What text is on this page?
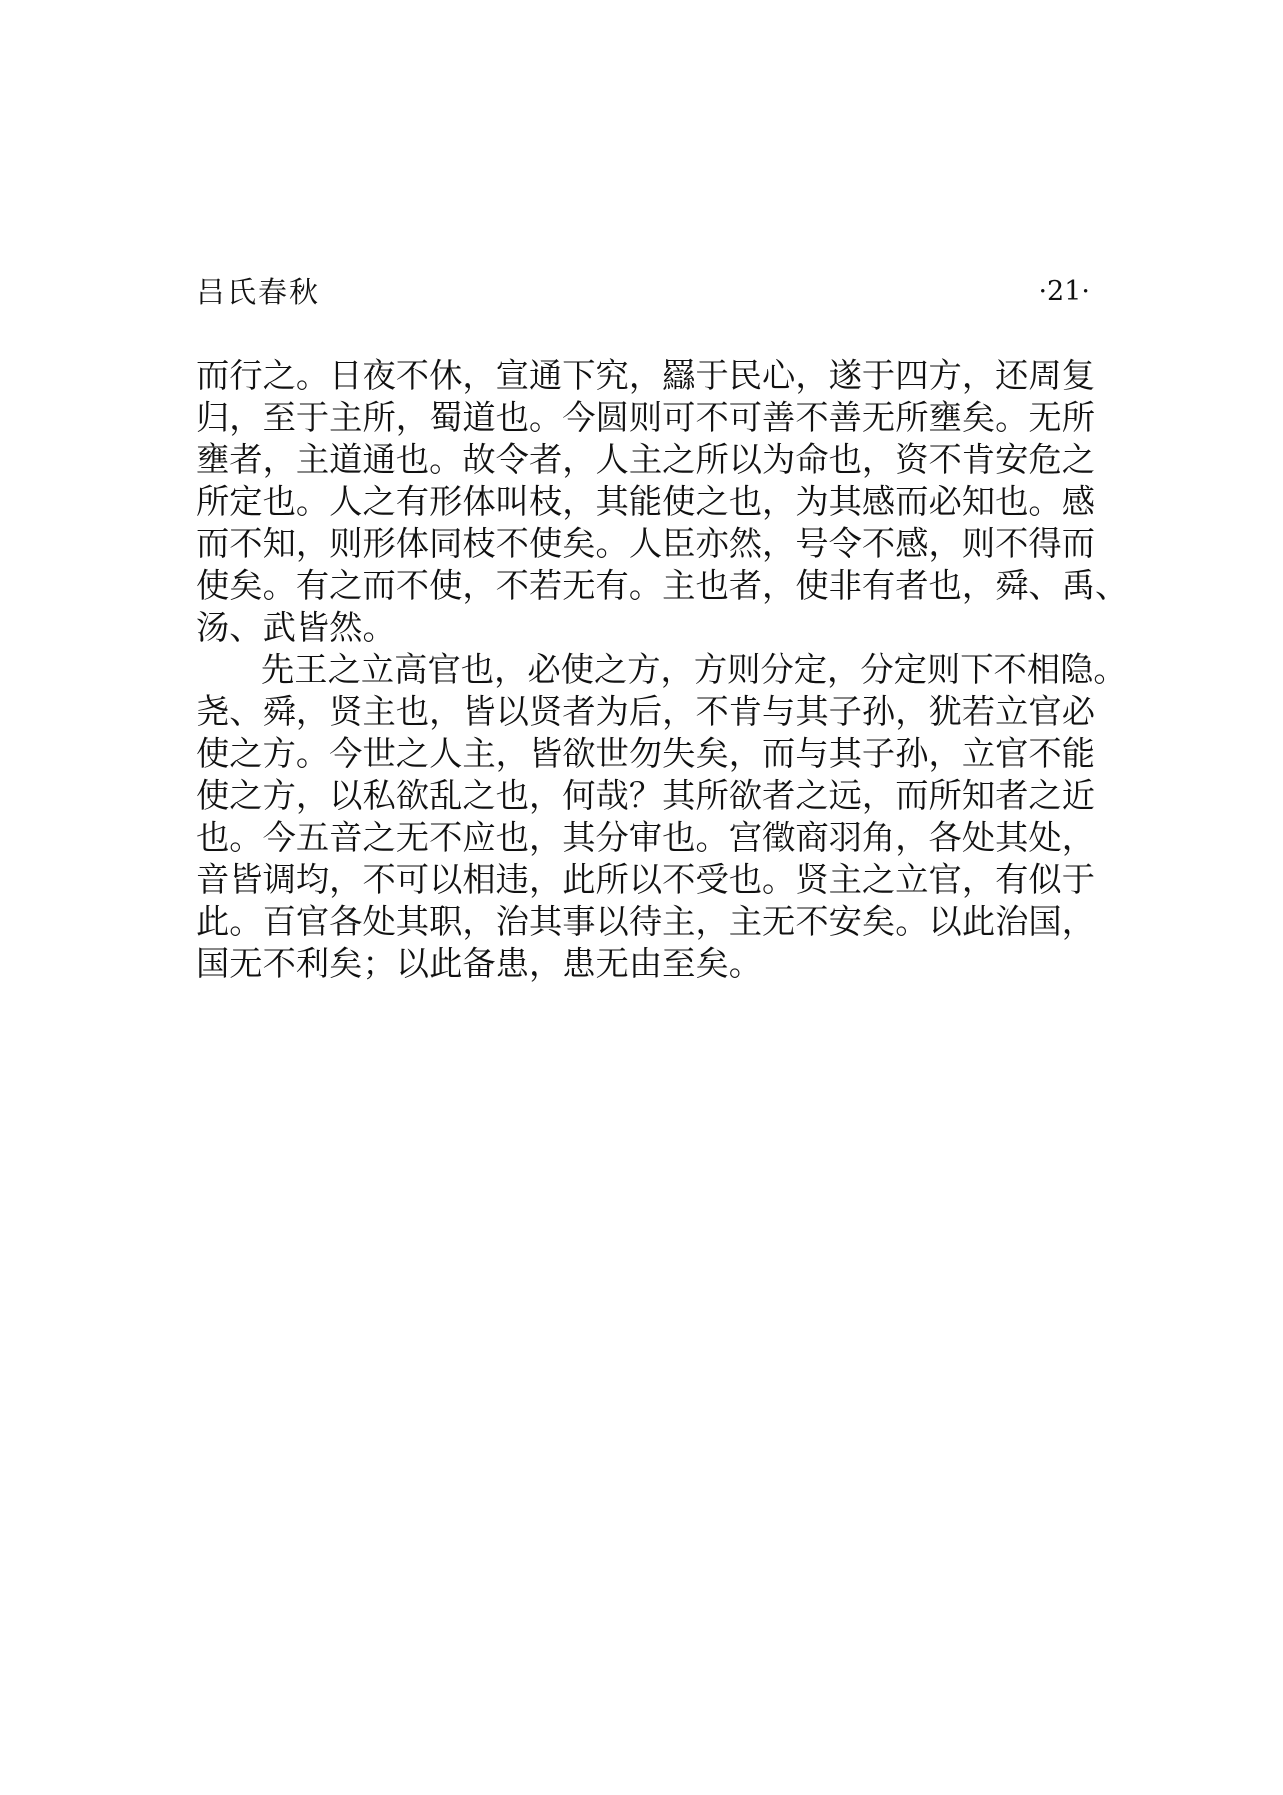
吕氏春秋	·21·
而行之。日夜不休，宣通下究，羉于民心，遂于四方，还周复
归，至于主所，蜀道也。今圆则可不可善不善无所壅矣。无所
壅者，主道通也。故令者，人主之所以为命也，资不肯安危之
所定也。人之有形体叫枝，其能使之也，为其感而必知也。感
而不知，则形体同枝不使矣。人臣亦然，号令不感，则不得而
使矣。有之而不使，不若无有。主也者，使非有者也，舜、禹、
汤、武皆然。
先王之立高官也，必使之方，方则分定，分定则下不相隐。
尧、舜，贤主也，皆以贤者为后，不肯与其子孙，犹若立官必
使之方。今世之人主，皆欲世勿失矣，而与其子孙，立官不能
使之方，以私欲乱之也，何哉？其所欲者之远，而所知者之近
也。今五音之无不应也，其分审也。宫徵商羽角，各处其处，
音皆调均，不可以相违，此所以不受也。贤主之立官，有似于
此。百官各处其职，治其事以待主，主无不安矣。以此治国，
国无不利矣；以此备患，患无由至矣。
